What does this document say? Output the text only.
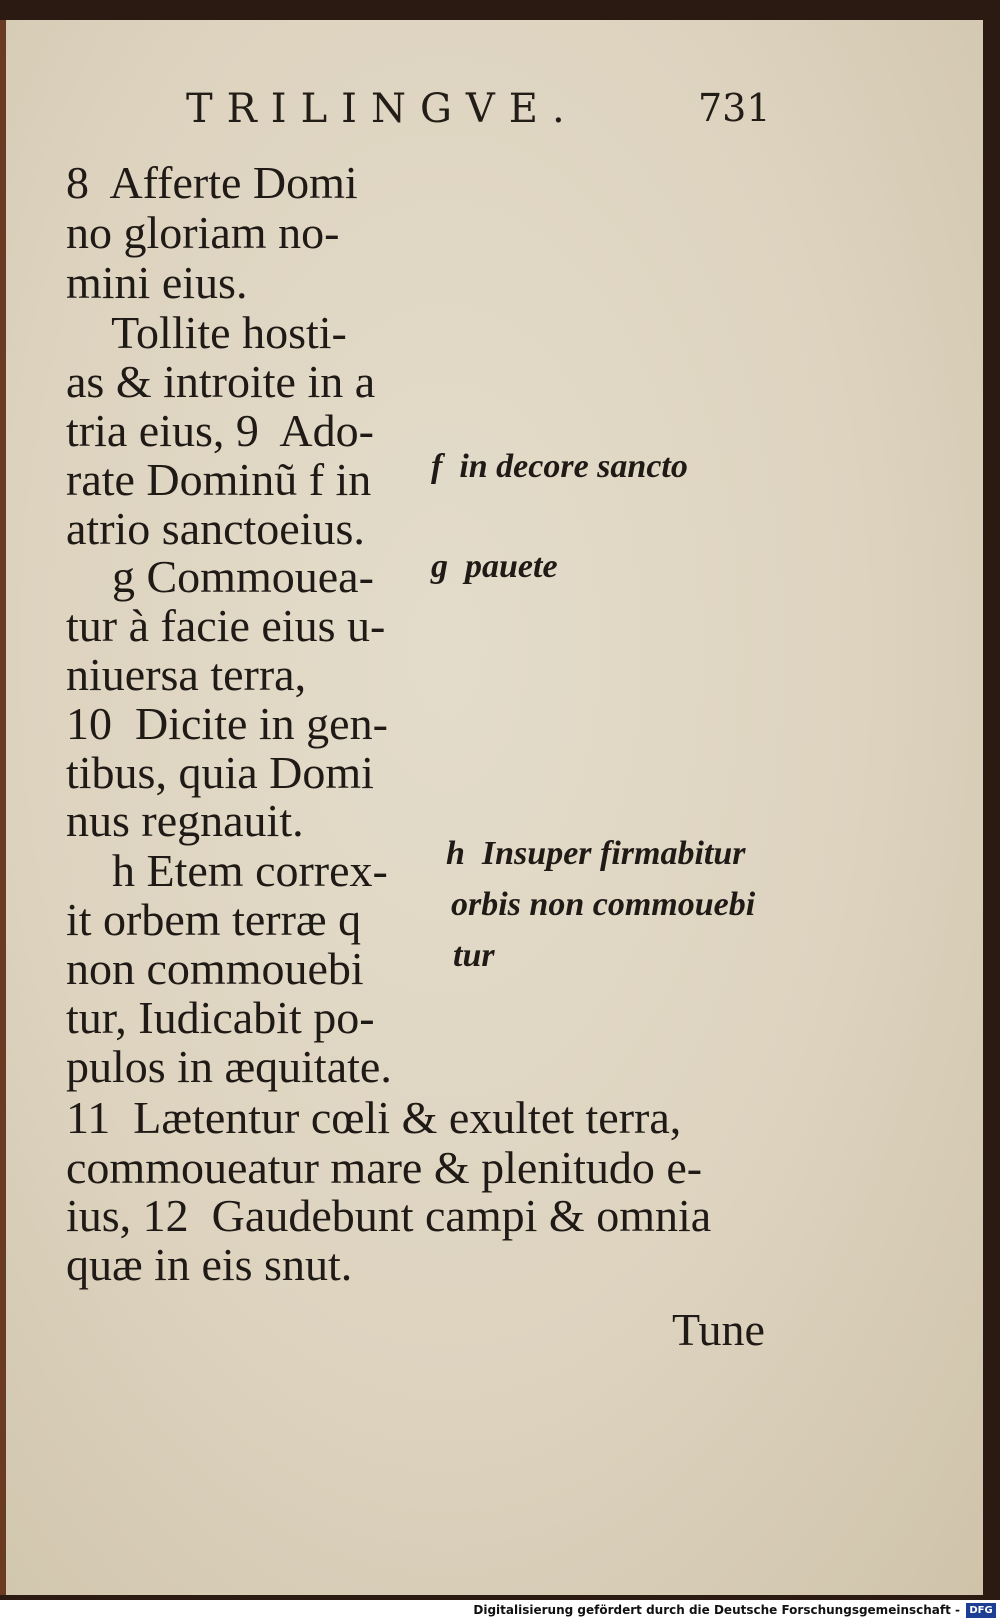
TRILINGVE.	731
8  Afferte Domi
no gloriam no-
mini eius.
Tollite hosti-
as & introite in a
tria eius, 9  Ado-
rate Dominũ f in
atrio sanctoeius.
g Commouea-
tur à facie eius u-
niuersa terra,
10  Dicite in gen-
tibus, quia Domi
nus regnauit.
h Etem correx-
it orbem terræ q
non commouebi
tur, Iudicabit po-
pulos in æquitate.
11  Lætentur cœli & exultet terra,
commoueatur mare & plenitudo e-
ius, 12  Gaudebunt campi & omnia
quæ in eis snut.
f  in decore sancto
g  pauete
h  Insuper firmabitur
orbis non commouebi
tur
Tune
Digitalisierung gefördert durch die Deutsche Forschungsgemeinschaft - DFG
